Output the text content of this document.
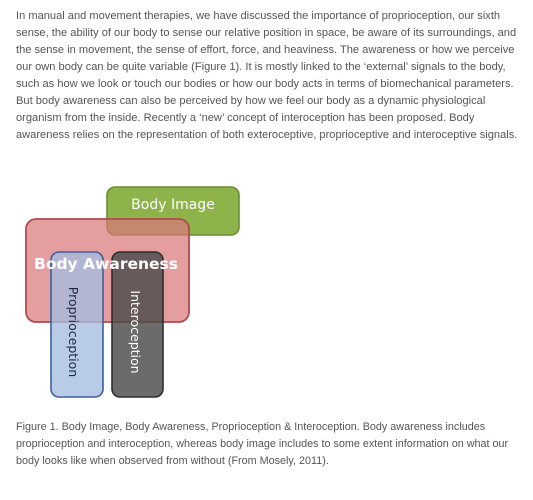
In manual and movement therapies, we have discussed the importance of proprioception, our sixth sense, the ability of our body to sense our relative position in space, be aware of its surroundings, and the sense in movement, the sense of effort, force, and heaviness. The awareness or how we perceive our own body can be quite variable (Figure 1). It is mostly linked to the ‘external’ signals to the body, such as how we look or touch our bodies or how our body acts in terms of biomechanical parameters. But body awareness can also be perceived by how we feel our body as a dynamic physiological organism from the inside. Recently a ‘new’ concept of interoception has been proposed. Body awareness relies on the representation of both exteroceptive, proprioceptive and interoceptive signals.

Body Image
Body Awareness
Proprioception	Interoception

Figure 1. Body Image, Body Awareness, Proprioception & Interoception. Body awareness includes proprioception and interoception, whereas body image includes to some extent information on what our body looks like when observed from without (From Mosely, 2011).
